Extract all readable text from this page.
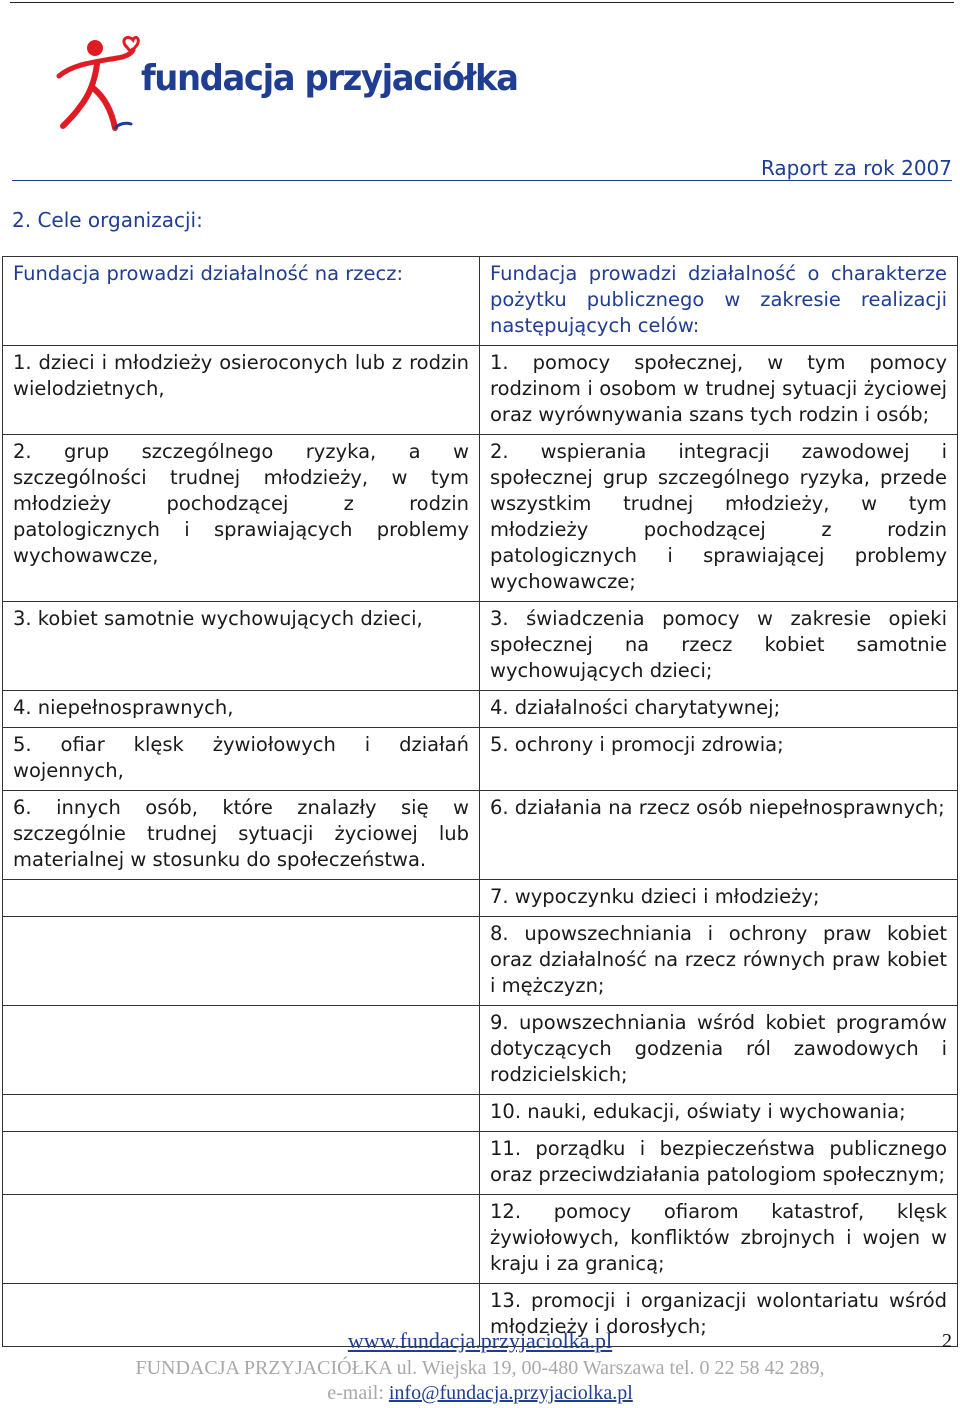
fundacja przyjaciółka
Raport za rok 2007
2. Cele organizacji:
Fundacja prowadzi działalność na rzecz:	Fundacja prowadzi działalność o charakterze pożytku publicznego w zakresie realizacji następujących celów:
1. dzieci i młodzieży osieroconych lub z rodzin wielodzietnych,	1. pomocy społecznej, w tym pomocy rodzinom i osobom w trudnej sytuacji życiowej oraz wyrównywania szans tych rodzin i osób;
2. grup szczególnego ryzyka, a w szczególności trudnej młodzieży, w tym młodzieży pochodzącej z rodzin patologicznych i sprawiających problemy wychowawcze,	2. wspierania integracji zawodowej i społecznej grup szczególnego ryzyka, przede wszystkim trudnej młodzieży, w tym młodzieży pochodzącej z rodzin patologicznych i sprawiającej problemy wychowawcze;
3. kobiet samotnie wychowujących dzieci,	3. świadczenia pomocy w zakresie opieki społecznej na rzecz kobiet samotnie wychowujących dzieci;
4. niepełnosprawnych,	4. działalności charytatywnej;
5. ofiar klęsk żywiołowych i działań wojennych,	5. ochrony i promocji zdrowia;
6. innych osób, które znalazły się w szczególnie trudnej sytuacji życiowej lub materialnej w stosunku do społeczeństwa.	6. działania na rzecz osób niepełnosprawnych;
	7. wypoczynku dzieci i młodzieży;
	8. upowszechniania i ochrony praw kobiet oraz działalność na rzecz równych praw kobiet i mężczyzn;
	9. upowszechniania wśród kobiet programów dotyczących godzenia ról zawodowych i rodzicielskich;
	10. nauki, edukacji, oświaty i wychowania;
	11. porządku i bezpieczeństwa publicznego oraz przeciwdziałania patologiom społecznym;
	12. pomocy ofiarom katastrof, klęsk żywiołowych, konfliktów zbrojnych i wojen w kraju i za granicą;
	13. promocji i organizacji wolontariatu wśród młodzieży i dorosłych;
www.fundacja.przyjaciolka.pl	2
FUNDACJA PRZYJACIÓŁKA ul. Wiejska 19, 00-480 Warszawa tel. 0 22 58 42 289,
e-mail: info@fundacja.przyjaciolka.pl
